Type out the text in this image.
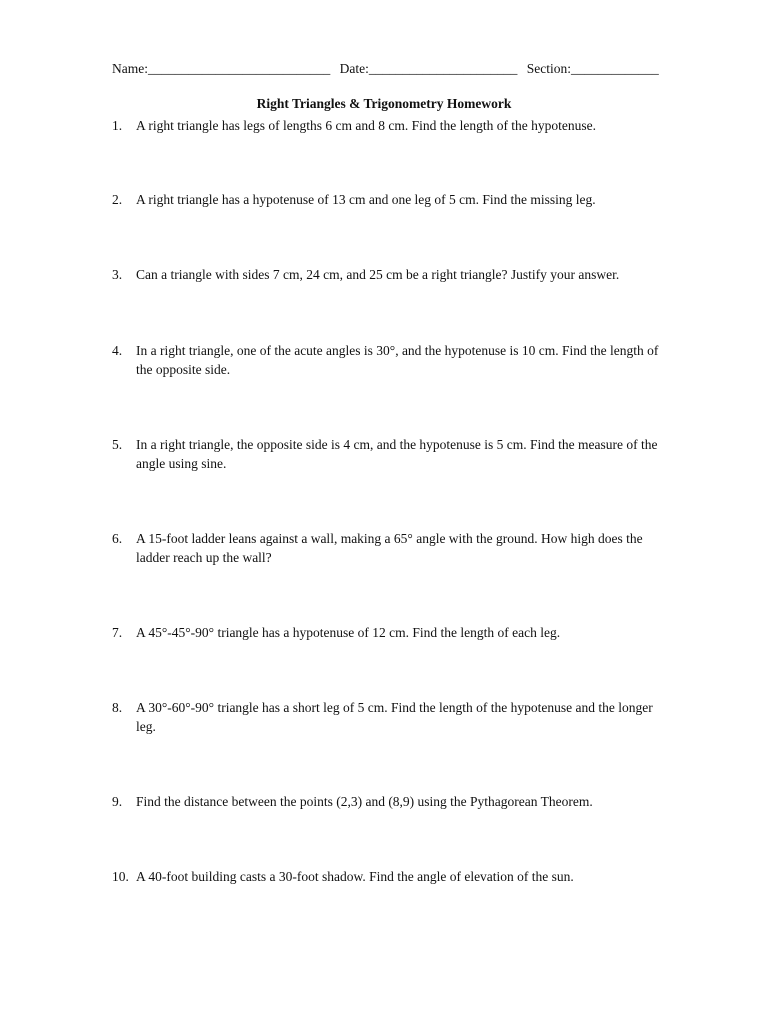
Name:___________________________ Date:______________________ Section:_____________
Right Triangles & Trigonometry Homework
1. A right triangle has legs of lengths 6 cm and 8 cm. Find the length of the hypotenuse.
2. A right triangle has a hypotenuse of 13 cm and one leg of 5 cm. Find the missing leg.
3. Can a triangle with sides 7 cm, 24 cm, and 25 cm be a right triangle? Justify your answer.
4. In a right triangle, one of the acute angles is 30°, and the hypotenuse is 10 cm. Find the length of the opposite side.
5. In a right triangle, the opposite side is 4 cm, and the hypotenuse is 5 cm. Find the measure of the angle using sine.
6. A 15-foot ladder leans against a wall, making a 65° angle with the ground. How high does the ladder reach up the wall?
7. A 45°-45°-90° triangle has a hypotenuse of 12 cm. Find the length of each leg.
8. A 30°-60°-90° triangle has a short leg of 5 cm. Find the length of the hypotenuse and the longer leg.
9. Find the distance between the points (2,3) and (8,9) using the Pythagorean Theorem.
10. A 40-foot building casts a 30-foot shadow. Find the angle of elevation of the sun.
